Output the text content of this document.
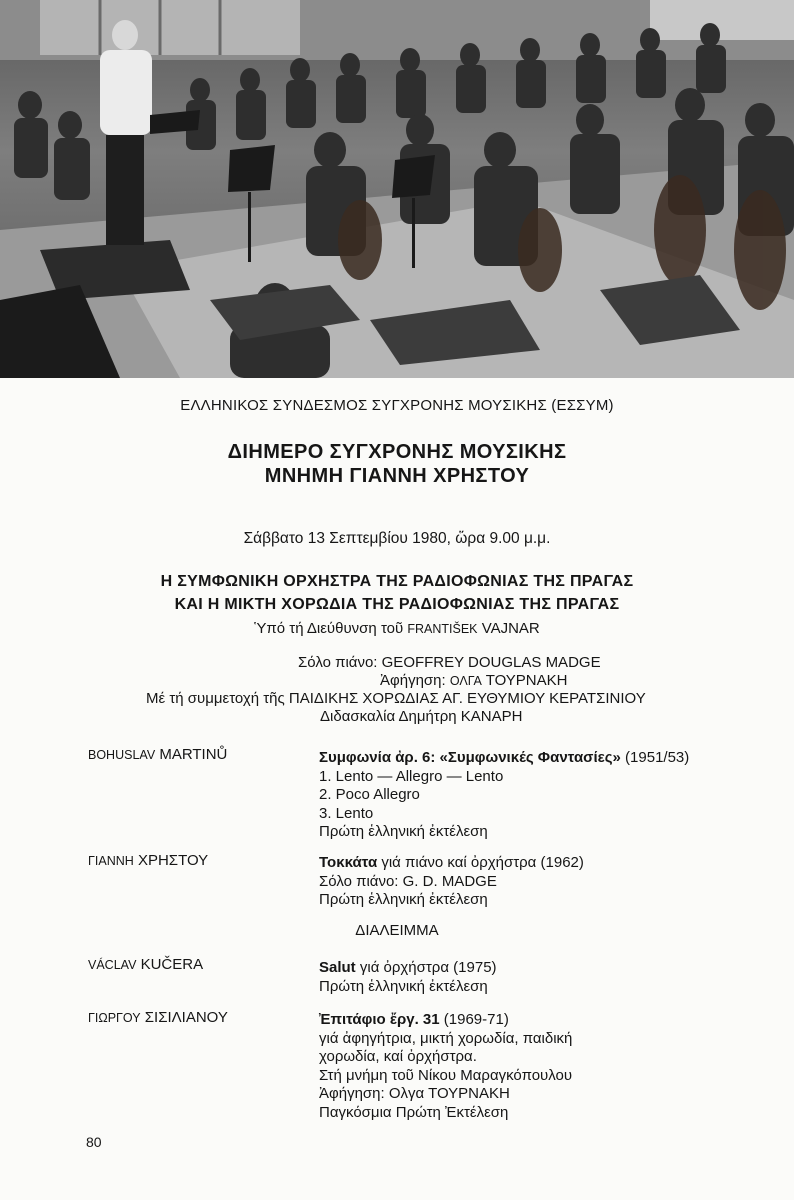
ΕΛΛΗΝΙΚΟΣ ΣΥΝΔΕΣΜΟΣ ΣΥΓΧΡΟΝΗΣ ΜΟΥΣΙΚΗΣ (ΕΣΣΥΜ)
ΔΙΗΜΕΡΟ ΣΥΓΧΡΟΝΗΣ ΜΟΥΣΙΚΗΣ
ΜΝΗΜΗ ΓΙΑΝΝΗ ΧΡΗΣΤΟΥ
Σάββατο 13 Σεπτεμβίου 1980, ὥρα 9.00 μ.μ.
Η ΣΥΜΦΩΝΙΚΗ ΟΡΧΗΣΤΡΑ ΤΗΣ ΡΑΔΙΟΦΩΝΙΑΣ ΤΗΣ ΠΡΑΓΑΣ
ΚΑΙ Η ΜΙΚΤΗ ΧΟΡΩΔΙΑ ΤΗΣ ΡΑΔΙΟΦΩΝΙΑΣ ΤΗΣ ΠΡΑΓΑΣ
Ὑπό τή Διεύθυνση τοῦ FRANTIŠEK VAJNAR
Σόλο πιάνο: GEOFFREY DOUGLAS MADGE
Ἀφήγηση: ΟΛΓΑ ΤΟΥΡΝΑΚΗ
Μέ τή συμμετοχή τῆς ΠΑΙΔΙΚΗΣ ΧΟΡΩΔΙΑΣ ΑΓ. ΕΥΘΥΜΙΟΥ ΚΕΡΑΤΣΙΝΙΟΥ
Διδασκαλία Δημήτρη ΚΑΝΑΡΗ
BOHUSLAV MARTINŮ	Συμφωνία ἀρ. 6: «Συμφωνικές Φαντασίες» (1951/53)
1. Lento — Allegro — Lento
2. Poco Allegro
3. Lento
Πρώτη ἑλληνική ἐκτέλεση
ΓΙΑΝΝΗ ΧΡΗΣΤΟΥ	Τοκκάτα γιά πιάνο καί ὀρχήστρα (1962)
Σόλο πιάνο: G. D. MADGE
Πρώτη ἑλληνική ἐκτέλεση
ΔΙΑΛΕΙΜΜΑ
VÁCLAV KUČERA	Salut γιά ὀρχήστρα (1975)
Πρώτη ἑλληνική ἐκτέλεση
ΓΙΩΡΓΟΥ ΣΙΣΙΛΙΑΝΟΥ	Ἐπιτάφιο ἔργ. 31 (1969-71)
γιά ἀφηγήτρια, μικτή χορωδία, παιδική
χορωδία, καί ὀρχήστρα.
Στή μνήμη τοῦ Νίκου Μαραγκόπουλου
Ἀφήγηση: Ολγα ΤΟΥΡΝΑΚΗ
Παγκόσμια Πρώτη Ἐκτέλεση
80
